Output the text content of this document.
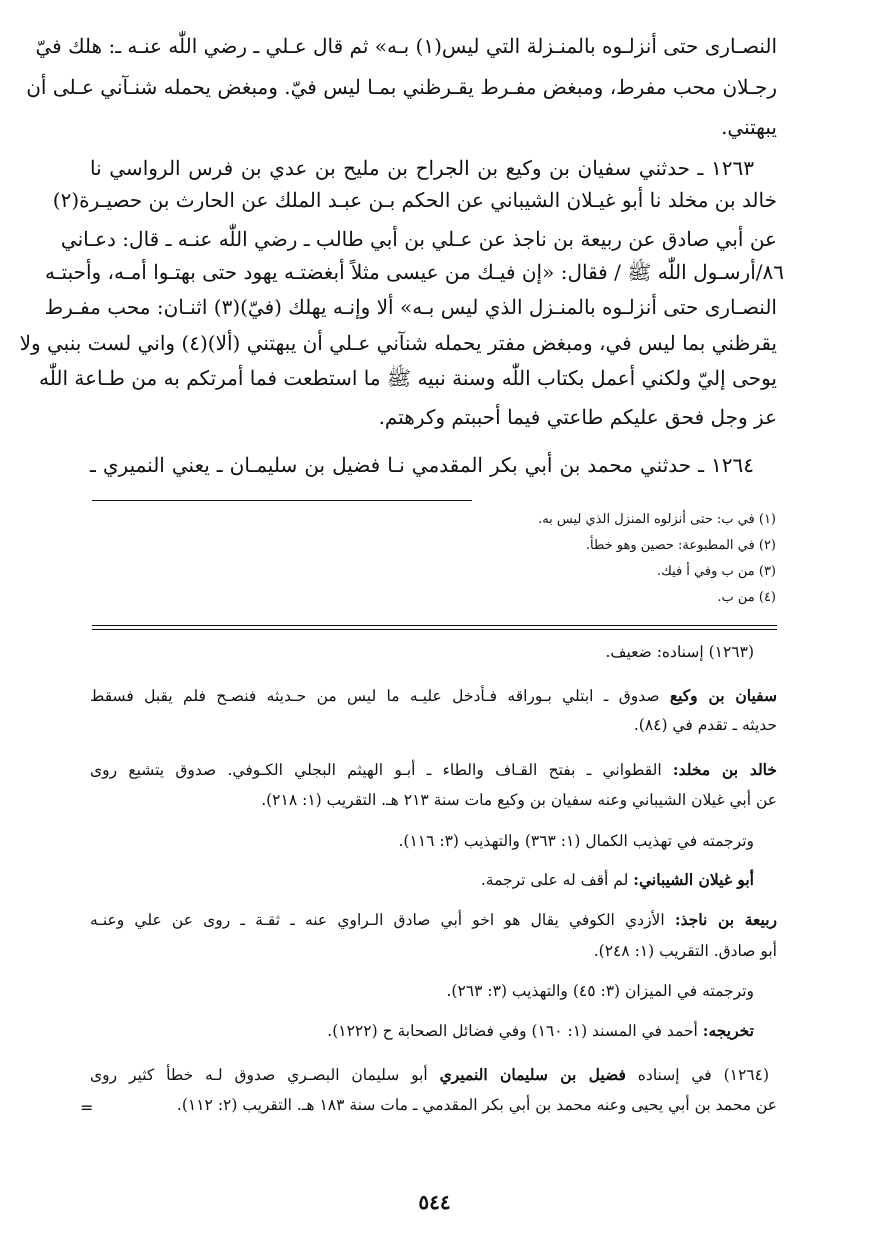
النصـارى حتى أنزلـوه بالمنـزلة التي ليس(١) بـه» ثم قال عـلي ـ رضي اللّٰه عنـه ـ: هلك فيّ
رجـلان محب مفرط، ومبغض مفـرط يقـرظني بمـا ليس فيّ. ومبغض يحمله شنـآني عـلى أن
يبهتني.
١٢٦٣ ـ حدثني سفيان بن وكيع بن الجراح بن مليح بن عدي بن فرس الرواسي نا
خالد بن مخلد نا أبو غيـلان الشيباني عن الحكم بـن عبـد الملك عن الحارث بن حصيـرة(٢)
عن أبي صادق عن ربيعة بن ناجذ عن عـلي بن أبي طالب ـ رضي اللّٰه عنـه ـ قال: دعـاني
٨٦/أرسـول اللّٰه ﷺ / فقال: «إن فيـك من عيسى مثلاً أبغضتـه يهود حتى بهتـوا أمـه، وأحبتـه
النصـارى حتى أنزلـوه بالمنـزل الذي ليس بـه» ألا وإنـه يهلك (فيّ)(٣) اثنـان: محب مفـرط
يقرظني بما ليس في، ومبغض مفتر يحمله شنآني عـلي أن يبهتني (ألا)(٤) واني لست بنبي ولا
يوحى إليّ ولكني أعمل بكتاب اللّٰه وسنة نبيه ﷺ ما استطعت فما أمرتكم به من طـاعة اللّٰه
عز وجل فحق عليكم طاعتي فيما أحببتم وكرهتم.
١٢٦٤ ـ حدثني محمد بن أبي بكر المقدمي نـا فضيل بن سليمـان ـ يعني النميري ـ
(١) في ب: حتى أنزلوه المنزل الذي ليس به.
(٢) في المطبوعة: حصين وهو خطأ.
(٣) من ب وفي أ فيك.
(٤) من ب.
(١٢٦٣) إسناده: ضعيف.
سفيان بن وكيع صدوق ـ ابتلي بـوراقه فـأدخل عليـه ما ليس من حـديثه فنصـح فلم يقبل فسقط
حديثه ـ تقدم في (٨٤).
خالد بن مخلد: القطواني ـ بفتح القـاف والطاء ـ أبـو الهيثم البجلي الكـوفي. صدوق يتشيع روى
عن أبي غيلان الشيباني وعنه سفيان بن وكيع مات سنة ٢١٣ هـ. التقريب (١: ٢١٨).
وترجمته في تهذيب الكمال (١: ٣٦٣) والتهذيب (٣: ١١٦).
أبو غيلان الشيباني: لم أقف له على ترجمة.
ربيعة بن ناجذ: الأزدي الكوفي يقال هو اخو أبي صادق الـراوي عنه ـ ثقـة ـ روى عن علي وعنـه
أبو صادق. التقريب (١: ٢٤٨).
وترجمته في الميزان (٣: ٤٥) والتهذيب (٣: ٢٦٣).
تخريجه: أحمد في المسند (١: ١٦٠) وفي فضائل الصحابة ح (١٢٢٢).
(١٢٦٤) في إسناده فضيل بن سليمان النميري أبو سليمان البصـري صدوق لـه خطأ كثير روى
عن محمد بن أبي يحيى وعنه محمد بن أبي بكر المقدمي ـ مات سنة ١٨٣ هـ. التقريب (٢: ١١٢).
=
٥٤٤
